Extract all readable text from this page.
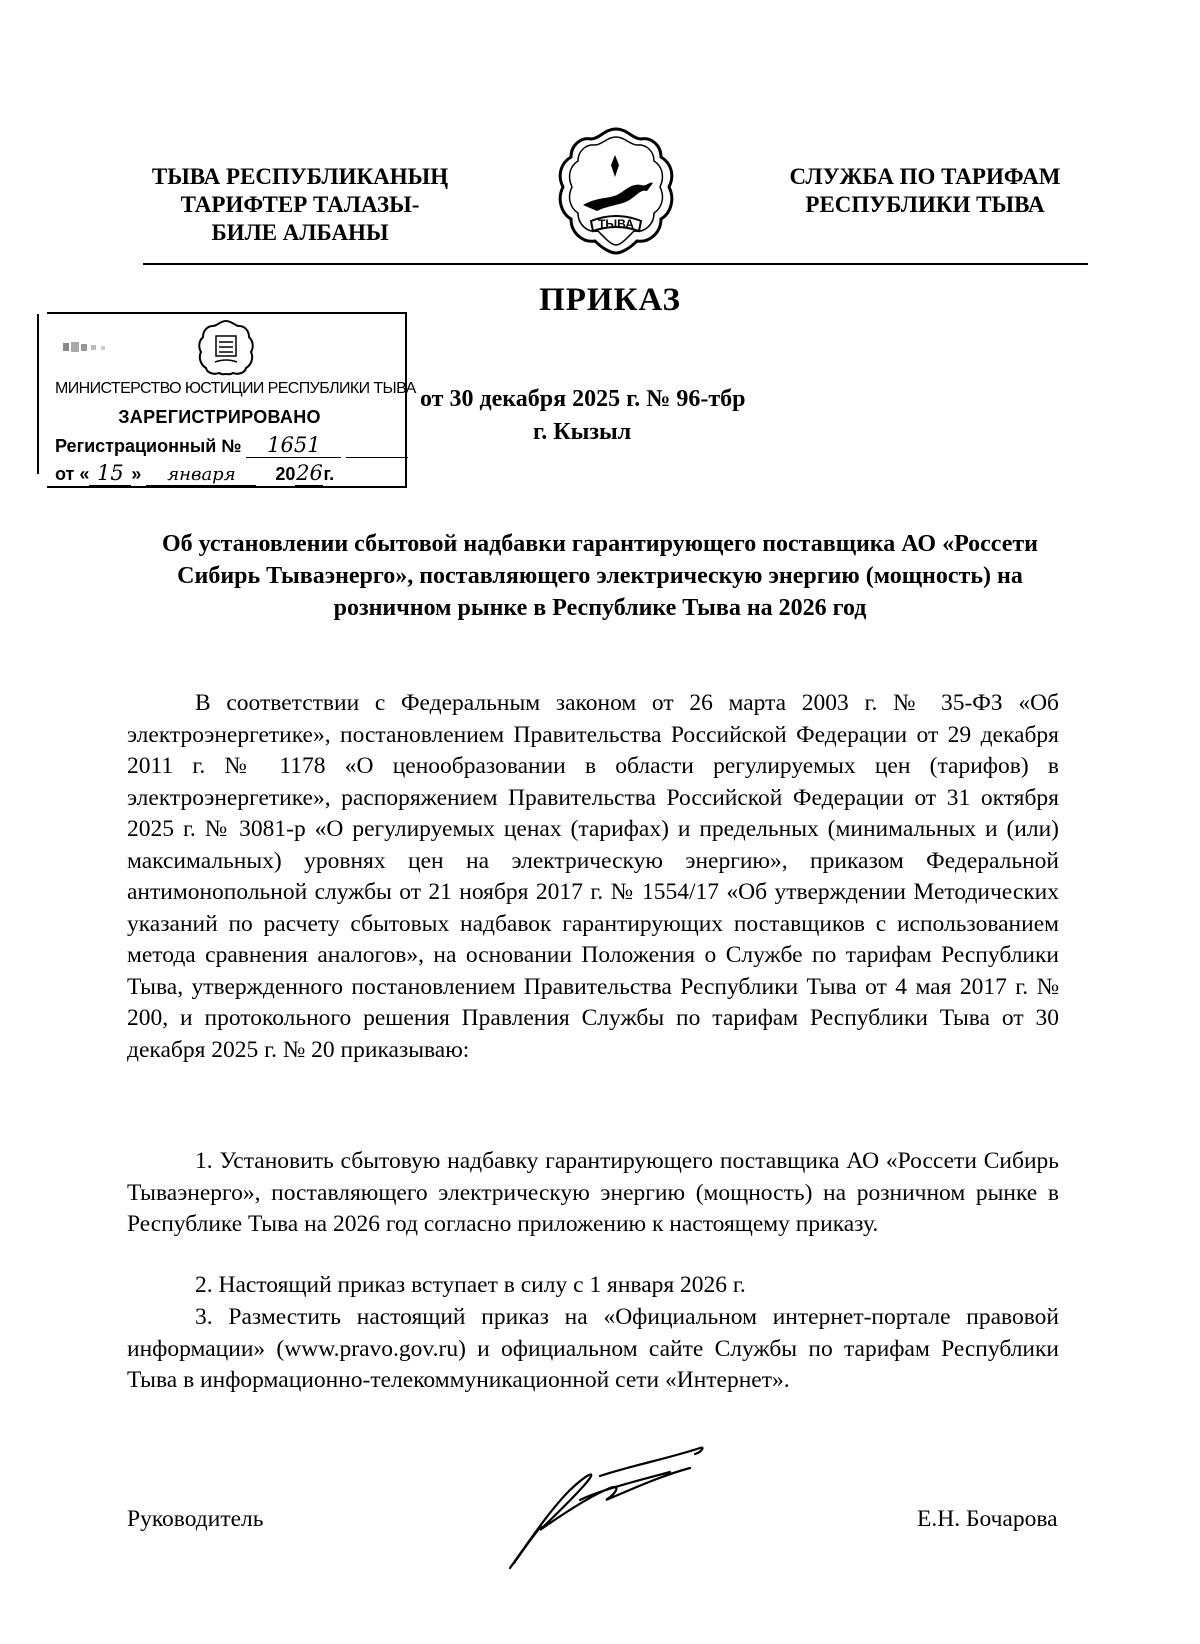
ТЫВА РЕСПУБЛИКАНЫҢ
ТАРИФТЕР ТАЛАЗЫ-
БИЛЕ АЛБАНЫ	ТЫВА
СЛУЖБА ПО ТАРИФАМ
РЕСПУБЛИКИ ТЫВА
ПРИКАЗ
МИНИСТЕРСТВО ЮСТИЦИИ РЕСПУБЛИКИ ТЫВА
ЗАРЕГИСТРИРОВАНО
Регистрационный № 1651
от « 15 » января 2026г.
от 30 декабря 2025 г. № 96-тбр
г. Кызыл
Об установлении сбытовой надбавки гарантирующего поставщика АО «Россети Сибирь Тываэнерго», поставляющего электрическую энергию (мощность) на розничном рынке в Республике Тыва на 2026 год
В соответствии с Федеральным законом от 26 марта 2003 г. № 35-ФЗ «Об электроэнергетике», постановлением Правительства Российской Федерации от 29 декабря 2011 г. № 1178 «О ценообразовании в области регулируемых цен (тарифов) в электроэнергетике», распоряжением Правительства Российской Федерации от 31 октября 2025 г. № 3081-р «О регулируемых ценах (тарифах) и предельных (минимальных и (или) максимальных) уровнях цен на электрическую энергию», приказом Федеральной антимонопольной службы от 21 ноября 2017 г. № 1554/17 «Об утверждении Методических указаний по расчету сбытовых надбавок гарантирующих поставщиков с использованием метода сравнения аналогов», на основании Положения о Службе по тарифам Республики Тыва, утвержденного постановлением Правительства Республики Тыва от 4 мая 2017 г. № 200, и протокольного решения Правления Службы по тарифам Республики Тыва от 30 декабря 2025 г. № 20 приказываю:
1. Установить сбытовую надбавку гарантирующего поставщика АО «Россети Сибирь Тываэнерго», поставляющего электрическую энергию (мощность) на розничном рынке в Республике Тыва на 2026 год согласно приложению к настоящему приказу.
2. Настоящий приказ вступает в силу с 1 января 2026 г.
3. Разместить настоящий приказ на «Официальном интернет-портале правовой информации» (www.pravo.gov.ru) и официальном сайте Службы по тарифам Республики Тыва в информационно-телекоммуникационной сети «Интернет».
Руководитель	Е.Н. Бочарова
